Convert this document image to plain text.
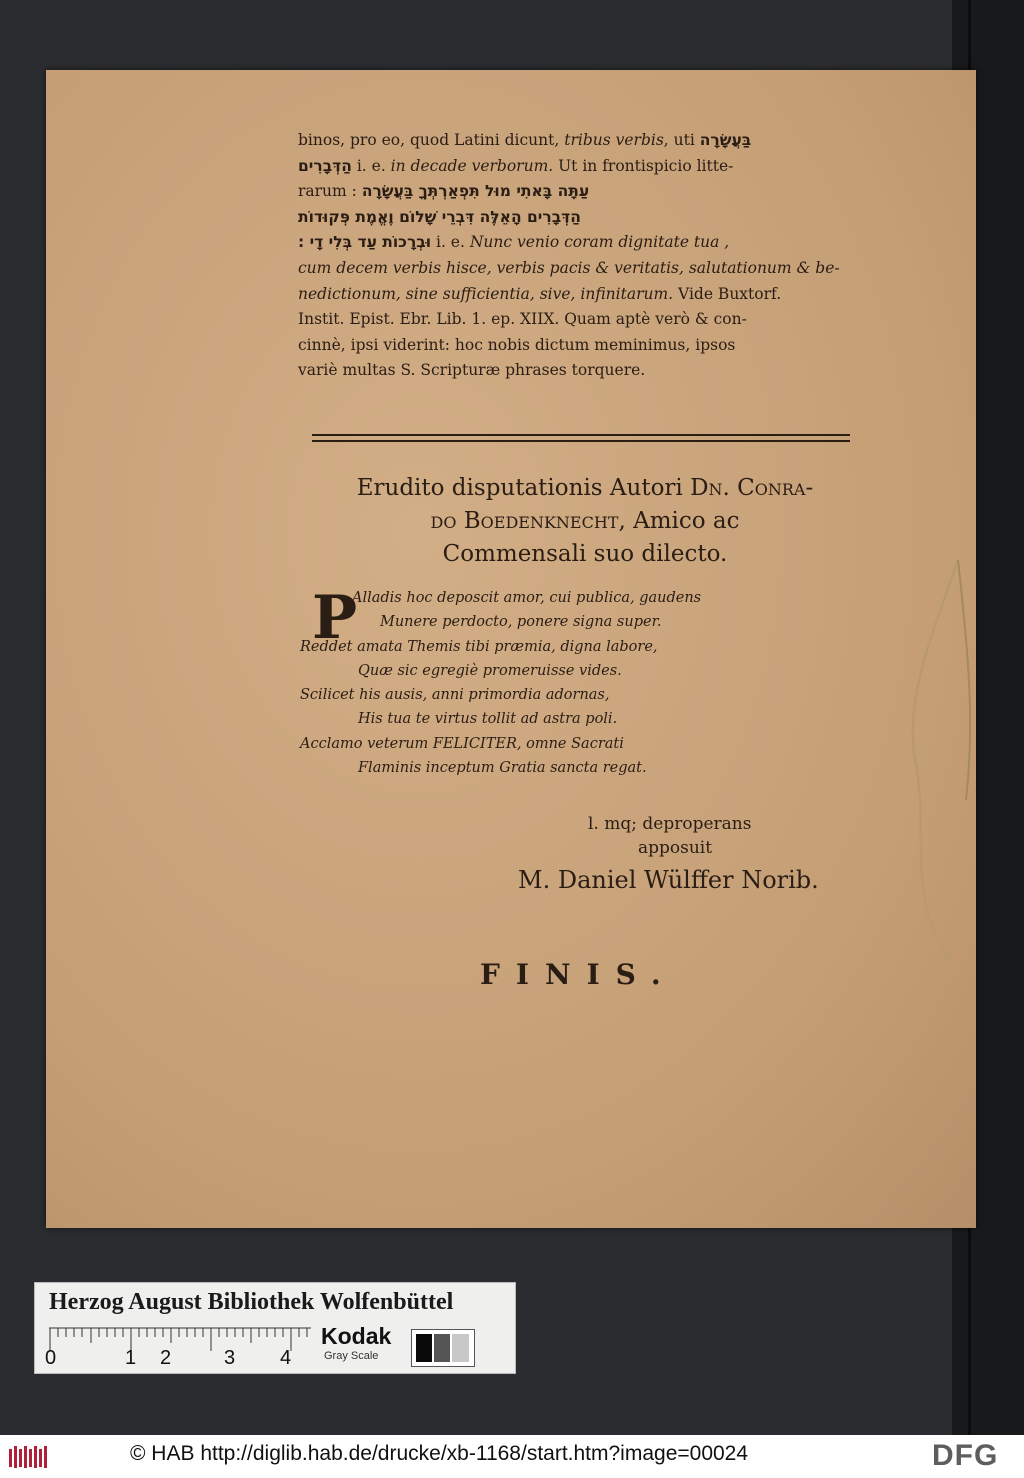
binos, pro eo, quod Latini dicunt, tribus verbis, uti בַּעֲשָׂרָה
הַדְּבָרִים i. e. in decade verborum. Ut in frontispicio litte-
rarum : עַתָּה בָּאתִי מוּל תִּפְאַרְתְּךָ בַּעֲשָׂרָה
הַדְּבָרִים הָאֵלֶּה דִּבְרֵי שָׁלוֹם וֶאֱמֶת פְּקוּדוֹת
וּבְרָכוֹת עַד בְּלִי דָי : i. e. Nunc venio coram dignitate tua ,
cum decem verbis hisce, verbis pacis & veritatis, salutationum & be-
nedictionum, sine sufficientia, sive, infinitarum. Vide Buxtorf.
Instit. Epist. Ebr. Lib. 1. ep. XIIX. Quam aptè verò & con-
cinnè, ipsi viderint: hoc nobis dictum meminimus, ipsos
variè multas S. Scripturæ phrases torquere.
Erudito disputationis Autori Dn. Conra-
do Boedenknecht, Amico ac
Commensali suo dilecto.
P
Alladis hoc deposcit amor, cui publica, gaudens
Munere perdocto, ponere signa super.
Reddet amata Themis tibi præmia, digna labore,
Quæ sic egregiè promeruisse vides.
Scilicet his ausis, anni primordia adornas,
His tua te virtus tollit ad astra poli.
Acclamo veterum FELICITER, omne Sacrati
Flaminis inceptum Gratia sancta regat.
l. mq; deproperans
apposuit
M. Daniel Wülffer Norib.
FINIS.
Herzog August Bibliothek Wolfenbüttel
0	1 2	3 4
Kodak
Gray Scale
© HAB http://diglib.hab.de/drucke/xb-1168/start.htm?image=00024	DFG
